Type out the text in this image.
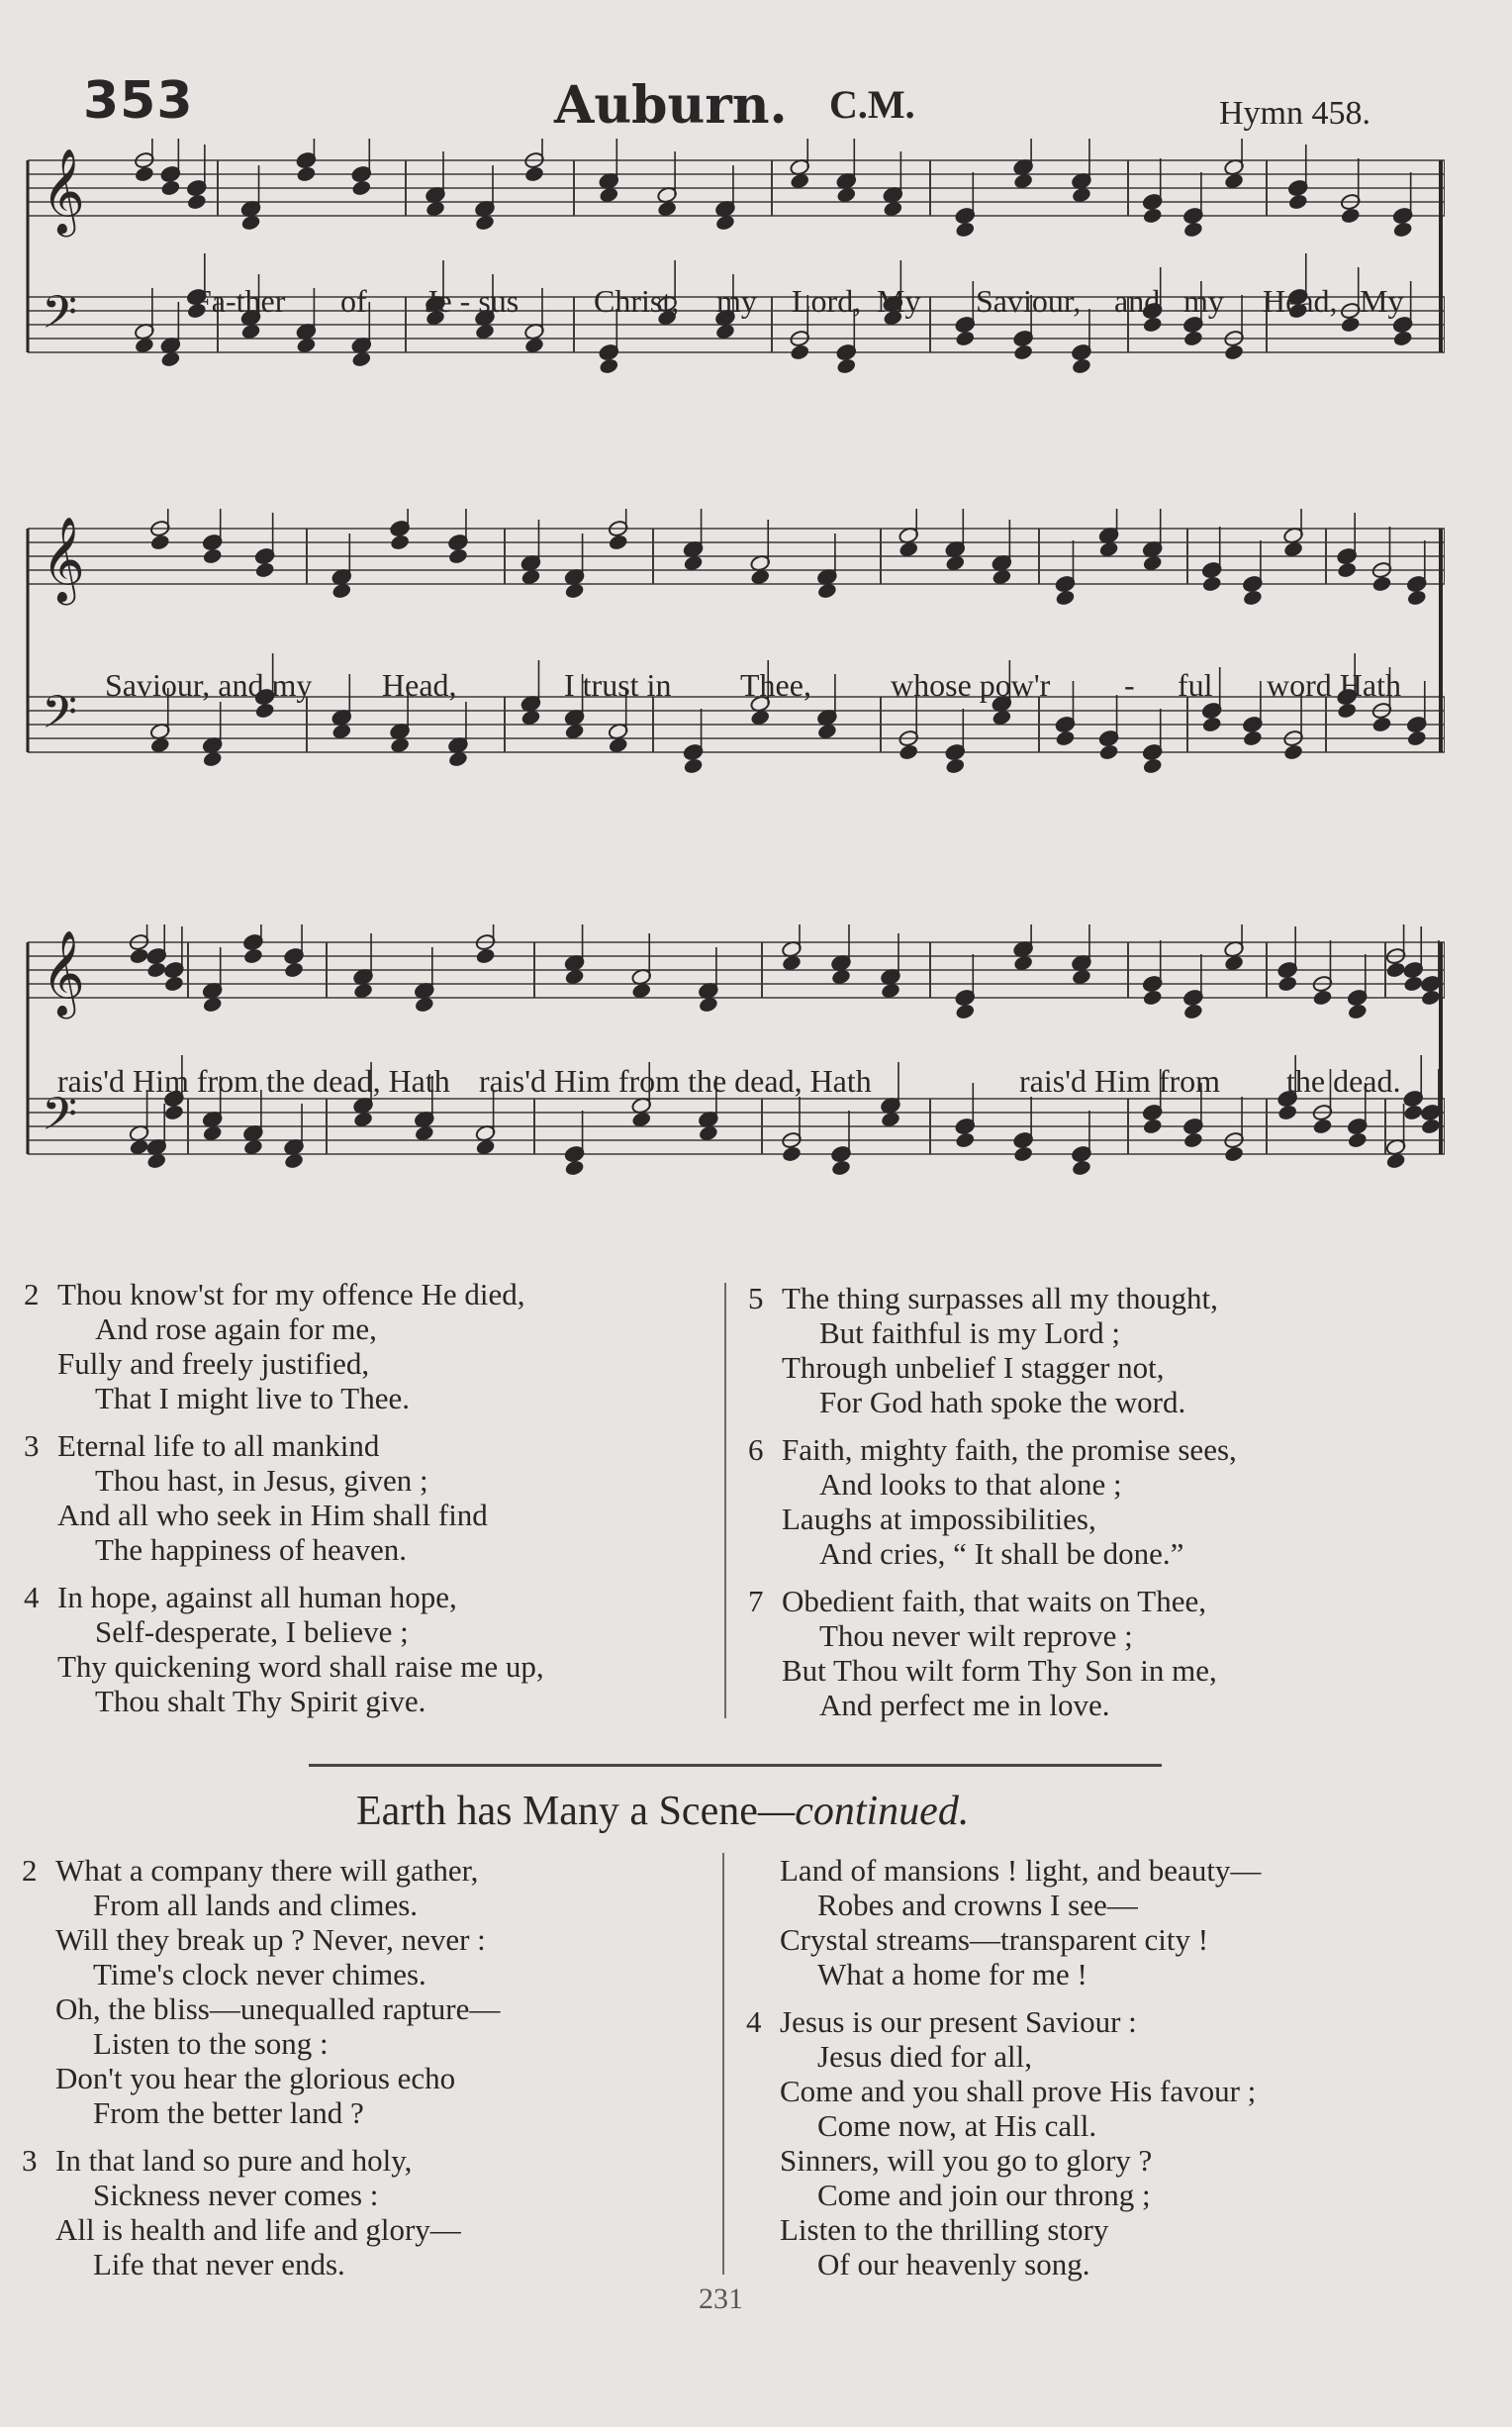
353	Auburn. C.M.	Hymn 458.
𝄞
𝄢	Fa-ther of Je - sus Christ, my Lord, My Saviour, and my Head, My
𝄞
𝄢
Saviour, and my Head,	I trust in Thee,	whose pow'r - ful word Hath
𝄞
𝄢
rais'd Him from the dead, Hath rais'd Him from the dead, Hath	rais'd Him from the dead.
2 Thou know'st for my offence He died,
And rose again for me,
Fully and freely justified,
That I might live to Thee.
3 Eternal life to all mankind
Thou hast, in Jesus, given ;
And all who seek in Him shall find
The happiness of heaven.
4 In hope, against all human hope,
Self-desperate, I believe ;
Thy quickening word shall raise me up,
Thou shalt Thy Spirit give.
5 The thing surpasses all my thought,
But faithful is my Lord ;
Through unbelief I stagger not,
For God hath spoke the word.
6 Faith, mighty faith, the promise sees,
And looks to that alone ;
Laughs at impossibilities,
And cries, “ It shall be done.”
7 Obedient faith, that waits on Thee,
Thou never wilt reprove ;
But Thou wilt form Thy Son in me,
And perfect me in love.
Earth has Many a Scene—continued.
2 What a company there will gather,
From all lands and climes.
Will they break up ? Never, never :
Time's clock never chimes.
Oh, the bliss—unequalled rapture—
Listen to the song :
Don't you hear the glorious echo
From the better land ?
3 In that land so pure and holy,
Sickness never comes :
All is health and life and glory—
Life that never ends.
Land of mansions ! light, and beauty—
Robes and crowns I see—
Crystal streams—transparent city !
What a home for me !
4 Jesus is our present Saviour :
Jesus died for all,
Come and you shall prove His favour ;
Come now, at His call.
Sinners, will you go to glory ?
Come and join our throng ;
Listen to the thrilling story
Of our heavenly song.
231
